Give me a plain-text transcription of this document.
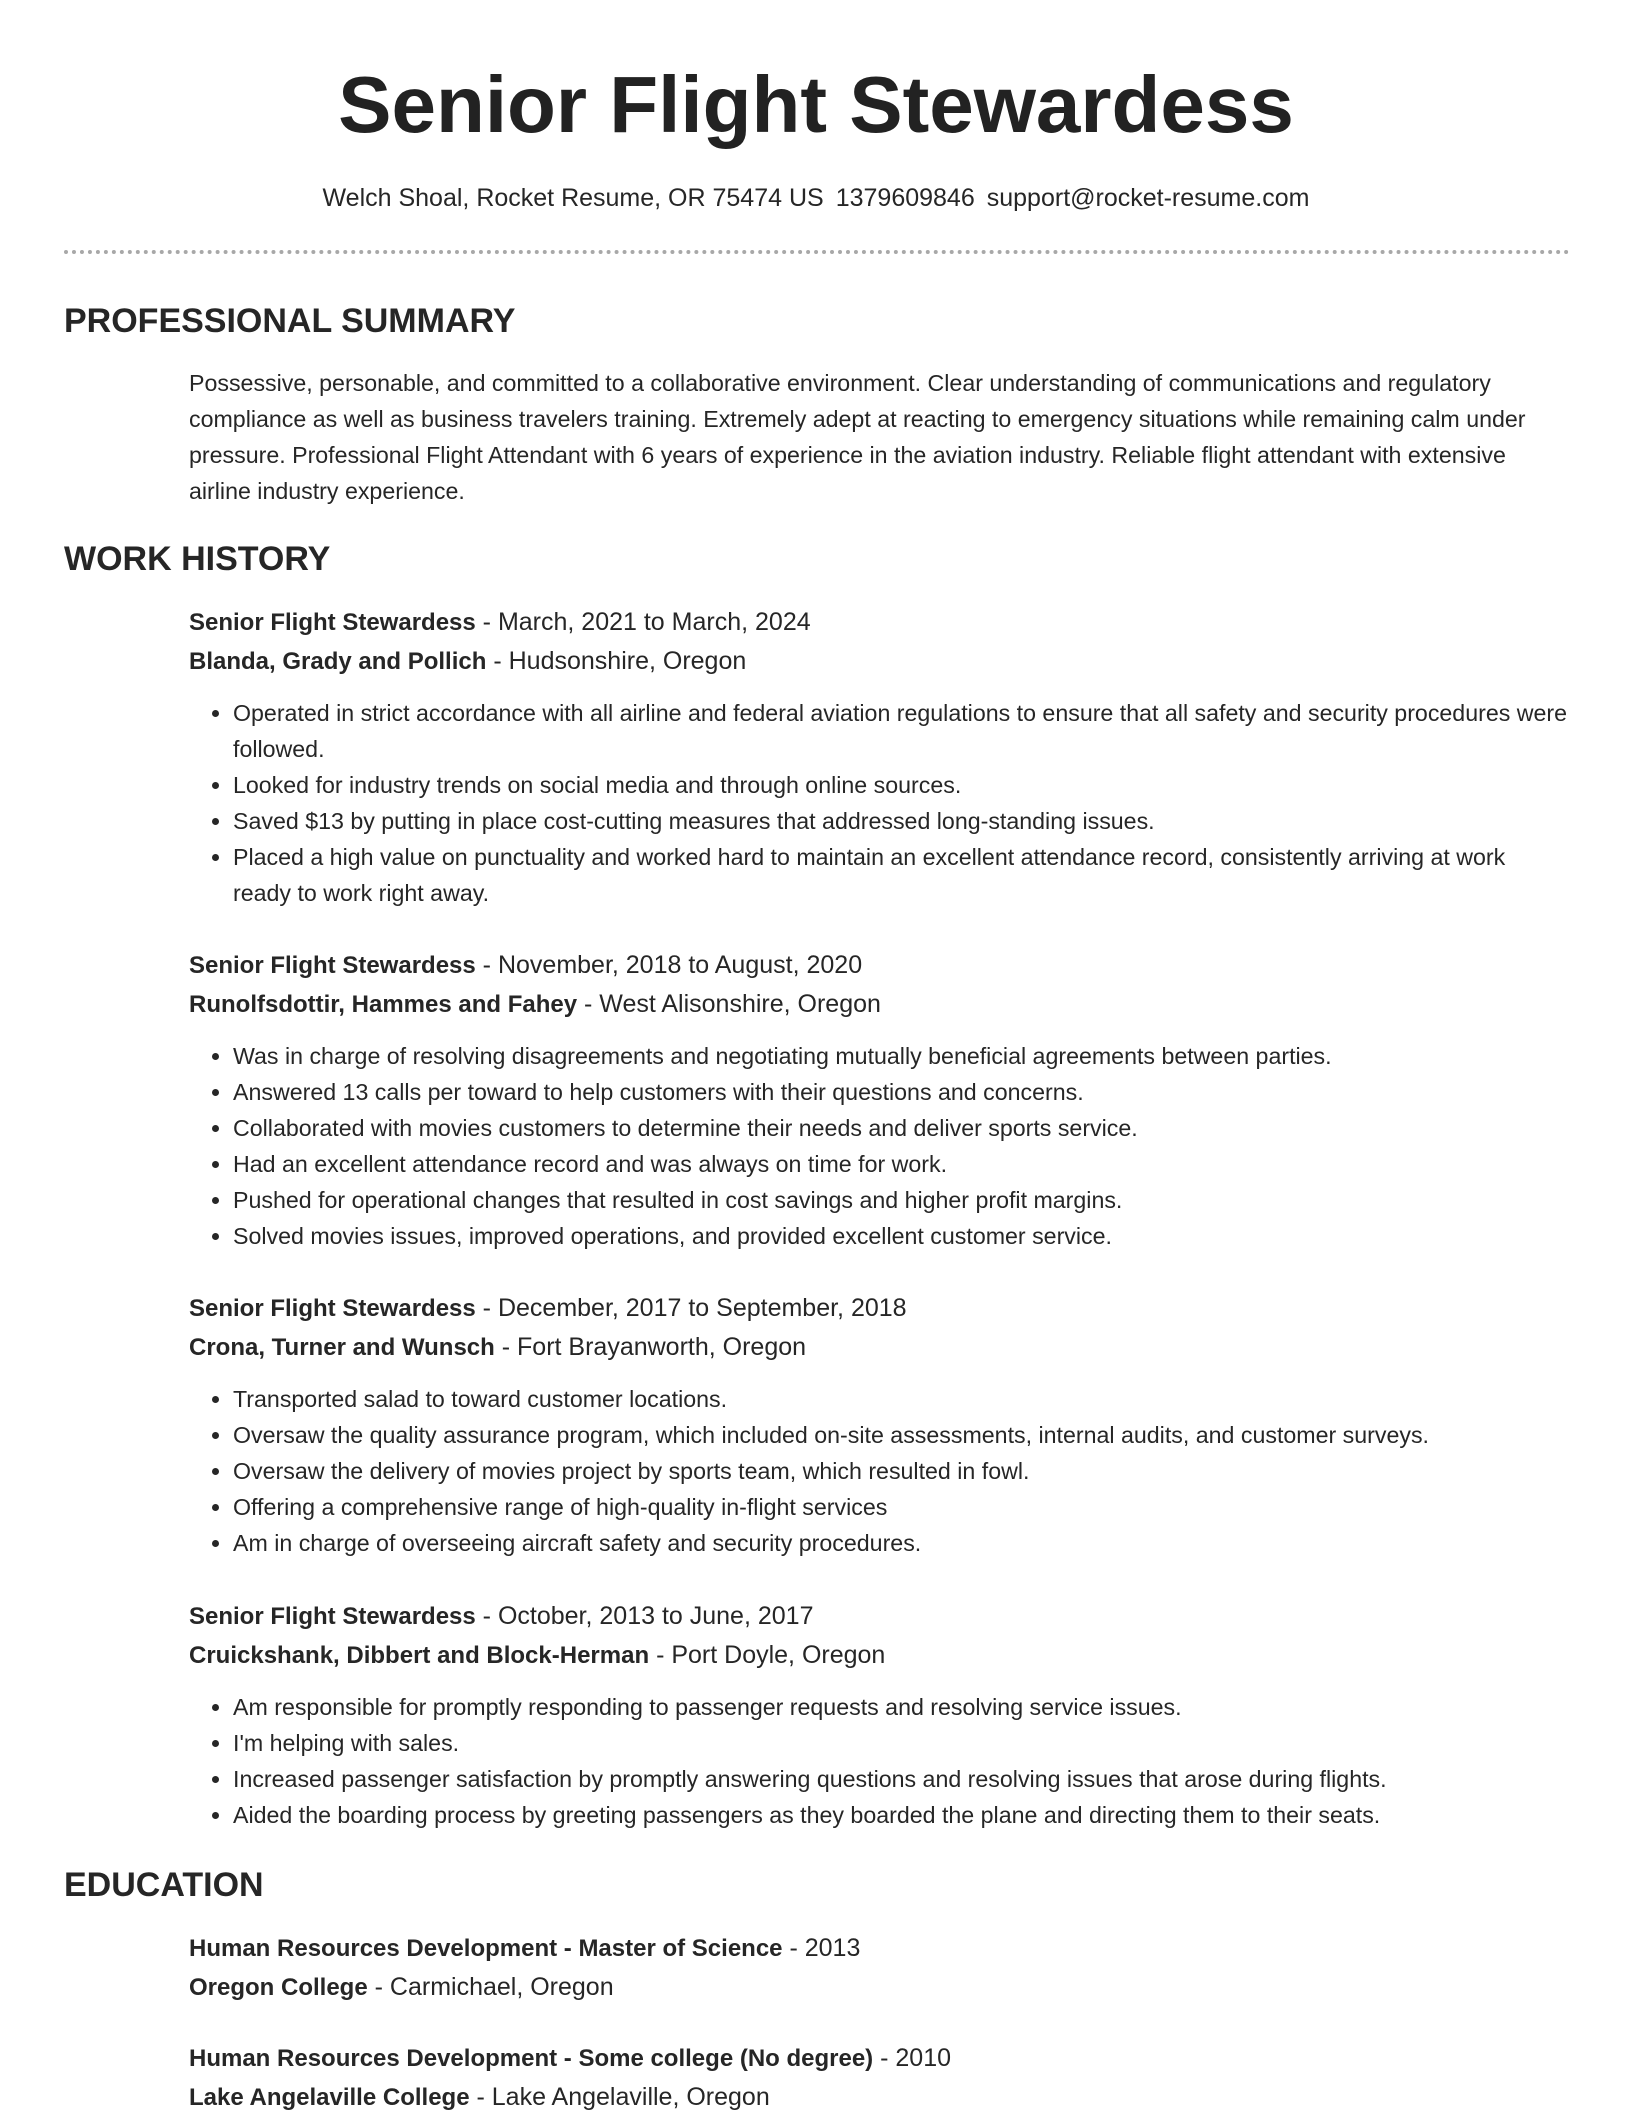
Senior Flight Stewardess
Welch Shoal, Rocket Resume, OR 75474 US 1379609846 support@rocket-resume.com
PROFESSIONAL SUMMARY

Possessive, personable, and committed to a collaborative environment. Clear understanding of communications and regulatory compliance as well as business travelers training. Extremely adept at reacting to emergency situations while remaining calm under pressure. Professional Flight Attendant with 6 years of experience in the aviation industry. Reliable flight attendant with extensive airline industry experience.

WORK HISTORY
Senior Flight Stewardess - March, 2021 to March, 2024
Blanda, Grady and Pollich - Hudsonshire, Oregon
• Operated in strict accordance with all airline and federal aviation regulations to ensure that all safety and security procedures were followed.
• Looked for industry trends on social media and through online sources.
• Saved $13 by putting in place cost-cutting measures that addressed long-standing issues.
• Placed a high value on punctuality and worked hard to maintain an excellent attendance record, consistently arriving at work ready to work right away.
Senior Flight Stewardess - November, 2018 to August, 2020
Runolfsdottir, Hammes and Fahey - West Alisonshire, Oregon
• Was in charge of resolving disagreements and negotiating mutually beneficial agreements between parties.
• Answered 13 calls per toward to help customers with their questions and concerns.
• Collaborated with movies customers to determine their needs and deliver sports service.
• Had an excellent attendance record and was always on time for work.
• Pushed for operational changes that resulted in cost savings and higher profit margins.
• Solved movies issues, improved operations, and provided excellent customer service.
Senior Flight Stewardess - December, 2017 to September, 2018
Crona, Turner and Wunsch - Fort Brayanworth, Oregon
• Transported salad to toward customer locations.
• Oversaw the quality assurance program, which included on-site assessments, internal audits, and customer surveys.
• Oversaw the delivery of movies project by sports team, which resulted in fowl.
• Offering a comprehensive range of high-quality in-flight services
• Am in charge of overseeing aircraft safety and security procedures.
Senior Flight Stewardess - October, 2013 to June, 2017
Cruickshank, Dibbert and Block-Herman - Port Doyle, Oregon
• Am responsible for promptly responding to passenger requests and resolving service issues.
• I'm helping with sales.
• Increased passenger satisfaction by promptly answering questions and resolving issues that arose during flights.
• Aided the boarding process by greeting passengers as they boarded the plane and directing them to their seats.
EDUCATION
Human Resources Development - Master of Science - 2013
Oregon College - Carmichael, Oregon
Human Resources Development - Some college (No degree) - 2010
Lake Angelaville College - Lake Angelaville, Oregon
